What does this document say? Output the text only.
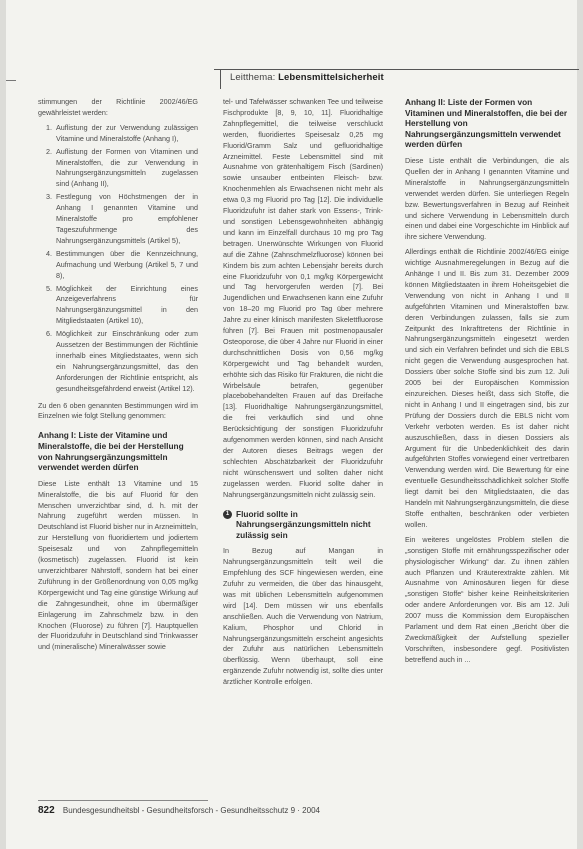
Leitthema: Lebensmittelsicherheit

stimmungen der Richtlinie 2002/46/EG gewährleistet werden:

1. Auflistung der zur Verwendung zulässigen Vitamine und Mineralstoffe (Anhang I),
2. Auflistung der Formen von Vitaminen und Mineralstoffen, die zur Verwendung in Nahrungsergänzungsmitteln zugelassen sind (Anhang II),
3. Festlegung von Höchstmengen der in Anhang I genannten Vitamine und Mineralstoffe pro empfohlener Tageszufuhrmenge des Nahrungsergänzungsmittels (Artikel 5),
4. Bestimmungen über die Kennzeichnung, Aufmachung und Werbung (Artikel 5, 7 und 8),
5. Möglichkeit der Einrichtung eines Anzeigeverfahrens für Nahrungsergänzungsmittel in den Mitgliedstaaten (Artikel 10),
6. Möglichkeit zur Einschränkung oder zum Aussetzen der Bestimmungen der Richtlinie innerhalb eines Mitgliedstaates, wenn sich ein Nahrungsergänzungsmittel, das den Anforderungen der Richtlinie entspricht, als gesundheitsgefährdend erweist (Artikel 12).

Zu den 6 oben genannten Bestimmungen wird im Einzelnen wie folgt Stellung genommen:

Anhang I: Liste der Vitamine und Mineralstoffe, die bei der Herstellung von Nahrungsergänzungsmitteln verwendet werden dürfen

Diese Liste enthält 13 Vitamine und 15 Mineralstoffe, die bis auf Fluorid für den Menschen unverzichtbar sind, d. h. mit der Nahrung zugeführt werden müssen. In Deutschland ist Fluorid bisher nur in Arzneimitteln, zur Herstellung von fluoridiertem und jodiertem Speisesalz und von Zahnpflegemitteln (kosmetisch) zugelassen. Fluorid ist kein unverzichtbarer Nährstoff, sondern hat bei einer Zuführung in der Größenordnung von 0,05 mg/kg Körpergewicht und Tag eine günstige Wirkung auf die Zahngesundheit, ohne im übermäßiger Einlagerung im Zahnschmelz bzw. in den Knochen (Fluorose) zu führen [7]. Hauptquellen der Fluoridzufuhr in Deutschland sind Trinkwasser und (mineralische) Mineralwässer sowie

tel- und Tafelwässer schwanken Tee und teilweise Fischprodukte [8, 9, 10, 11]. Fluoridhaltige Zahnpflegemittel, die teilweise verschluckt werden, fluoridiertes Speisesalz 0,25 mg Fluorid/Gramm Salz und gefluoridhaltige Arzneimittel. Feste Lebensmittel sind mit Ausnahme von grätenhaltigem Fisch (Sardinen) sowie unsauber entbeinten Fleisch- bzw. Knochenmehlen als Erwachsenen nicht mehr als etwa 0,3 mg Fluorid pro Tag [12]. Die individuelle Fluoridzufuhr ist daher stark von Essens-, Trink- und sonstigen Lebensgewohnheiten abhängig und kann im Einzelfall durchaus 10 mg pro Tag betragen. Unerwünschte Wirkungen von Fluorid auf die Zähne (Zahnschmelzfluorose) können bei Kindern bis zum achten Lebensjahr bereits durch eine Fluoridzufuhr von 0,1 mg/kg Körpergewicht und Tag hervorgerufen werden [7]. Bei Jugendlichen und Erwachsenen kann eine Zufuhr von 18–20 mg Fluorid pro Tag über mehrere Jahre zu einer klinisch manifesten Skelettfluorose führen [7]. Bei Frauen mit postmenopausaler Osteoporose, die über 4 Jahre nur Fluorid in einer durchschnittlichen Dosis von 0,56 mg/kg Körpergewicht und Tag behandelt wurden, erhöhte sich das Risiko für Frakturen, die nicht die Wirbelsäule betrafen, gegenüber placebobehandelten Frauen auf das Dreifache [13]. Fluoridhaltige Nahrungsergänzungsmittel, die frei verkäuflich sind und ohne Berücksichtigung der sonstigen Fluoridzufuhr aufgenommen werden können, sind nach Ansicht der Autoren dieses Beitrags wegen der schlechten Abschätzbarkeit der Fluoridzufuhr nicht wünschenswert und sollten daher nicht zugelassen werden. Fluorid sollte daher in Nahrungsergänzungsmitteln nicht zulässig sein.

1 Fluorid sollte in Nahrungsergänzungsmitteln nicht zulässig sein

In Bezug auf Mangan in Nahrungsergänzungsmitteln teilt weil die Empfehlung des SCF hingewiesen werden, eine Zufuhr zu vermeiden, die über das hinausgeht, was mit üblichen Lebensmitteln aufgenommen wird [14]. Dem müssen wir uns ebenfalls anschließen. Auch die Verwendung von Natrium, Kalium, Phosphor und Chlorid in Nahrungsergänzungsmitteln erscheint angesichts der Zufuhr aus natürlichen Lebensmitteln überflüssig. Wenn überhaupt, soll eine ergänzende Zufuhr notwendig ist, sollte dies unter ärztlicher Kontrolle erfolgen.

Anhang II: Liste der Formen von Vitaminen und Mineralstoffen, die bei der Herstellung von Nahrungsergänzungsmitteln verwendet werden dürfen

Diese Liste enthält die Verbindungen, die als Quellen der in Anhang I genannten Vitamine und Mineralstoffe in Nahrungsergänzungsmitteln verwendet werden dürfen. Sie unterliegen Regeln bzw. Bewertungsverfahren in Bezug auf Reinheit und sichere Verwendung in Lebensmitteln durch einen und dabei eine Vorgeschichte im Hinblick auf ihre sichere Verwendung.

Allerdings enthält die Richtlinie 2002/46/EG einige wichtige Ausnahmeregelungen in Bezug auf die Anhänge I und II. Bis zum 31. Dezember 2009 können Mitgliedstaaten in ihrem Hoheitsgebiet die Verwendung von nicht in Anhang I und II aufgeführten Vitaminen und Mineralstoffen bzw. deren Verbindungen zulassen, falls sie zum Zeitpunkt des Inkrafttretens der Richtlinie in Nahrungsergänzungsmitteln eingesetzt werden und sich ein Verfahren befindet und sich die EBLS nicht gegen die Verwendung ausgesprochen hat. Dossiers über solche Stoffe sind bis zum 12. Juli 2005 bei der Europäischen Kommission einzureichen. Dieses heißt, dass sich Stoffe, die nicht in Anhang I und II eingetragen sind, bis zur Prüfung der Dossiers durch die EBLS nicht vom Verkehr verboten werden. Es ist daher nicht auszuschließen, dass in diesen Dossiers als Argument für die Unbedenklichkeit des darin aufgeführten Stoffes vorwiegend einer vertretbaren Verwendung werden wird. Die Bewertung für eine eventuelle Gesundheitsschädlichkeit solcher Stoffe liegt damit bei den Mitgliedstaaten, die das Handeln mit Nahrungsergänzungsmitteln, die diese Stoffe enthalten, beschränken oder verbieten wollen.

Ein weiteres ungelöstes Problem stellen die „sonstigen Stoffe mit ernährungsspezifischer oder physiologischer Wirkung“ dar. Zu ihnen zählen auch Pflanzen und Kräuterextrakte zählen. Mit Ausnahme von Aminosäuren liegen für diese „sonstigen Stoffe“ bisher keine Reinheitskriterien oder andere Anforderungen vor. Bis am 12. Juli 2007 muss die Kommission dem Europäischen Parlament und dem Rat einen „Bericht über die Zweckmäßigkeit der Aufstellung spezieller Vorschriften, insbesondere gegf. Positivlisten betreffend auch in ...

822 Bundesgesundheitsbl - Gesundheitsforsch - Gesundheitsschutz 9 · 2004
